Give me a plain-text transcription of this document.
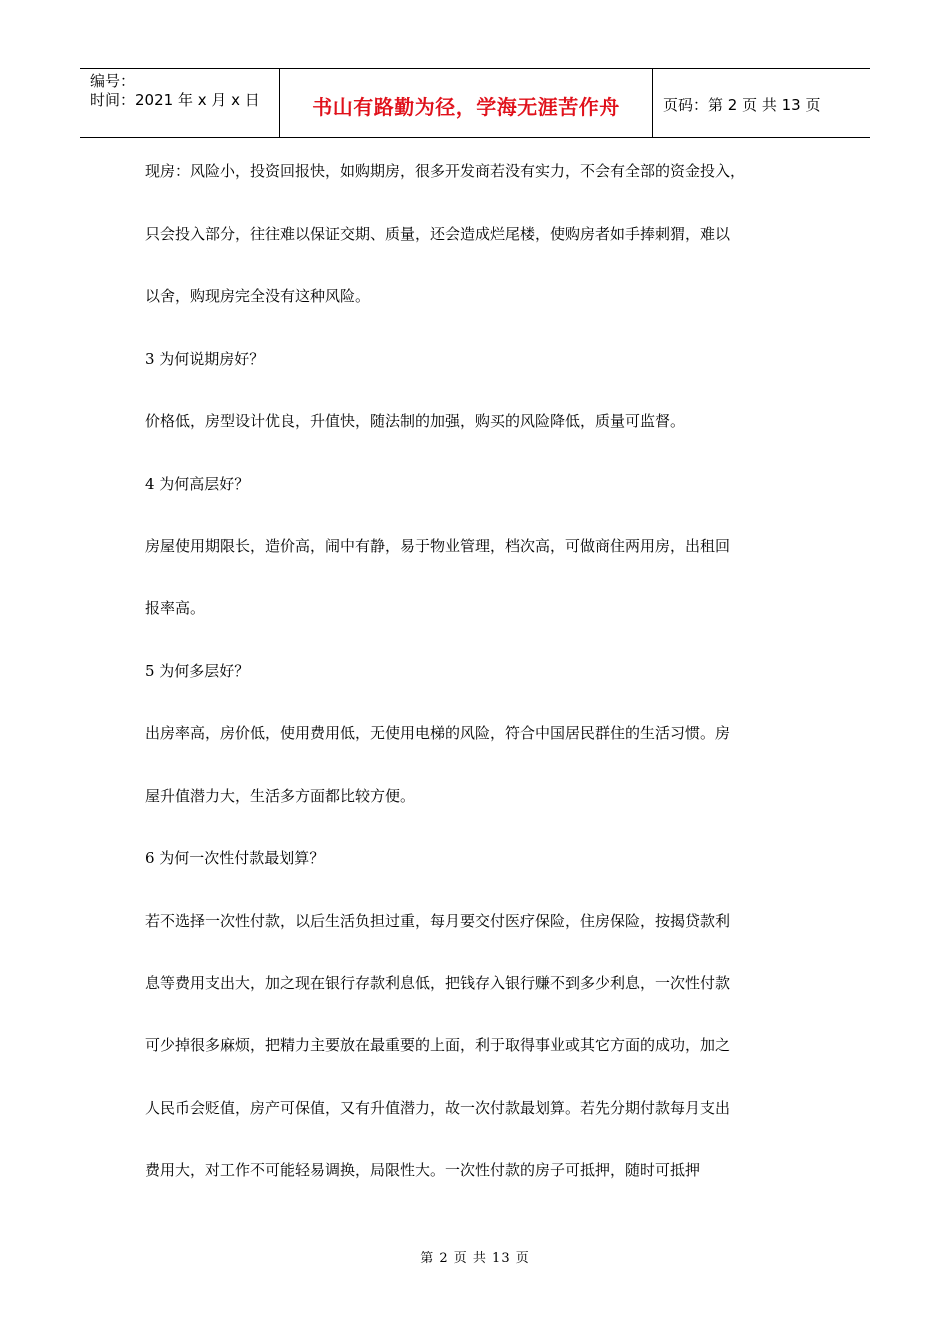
编号：
时间：2021 年 x 月 x 日	书山有路勤为径，学海无涯苦作舟	页码：第 2 页 共 13 页
现房：风险小，投资回报快，如购期房，很多开发商若没有实力，不会有全部的资金投入，
只会投入部分，往往难以保证交期、质量，还会造成烂尾楼，使购房者如手捧刺猬，难以
以舍，购现房完全没有这种风险。
3 为何说期房好？
价格低，房型设计优良，升值快，随法制的加强，购买的风险降低，质量可监督。
4 为何高层好？
房屋使用期限长，造价高，闹中有静，易于物业管理，档次高，可做商住两用房，出租回
报率高。
5 为何多层好？
出房率高，房价低，使用费用低，无使用电梯的风险，符合中国居民群住的生活习惯。房
屋升值潜力大，生活多方面都比较方便。
6 为何一次性付款最划算？
若不选择一次性付款，以后生活负担过重，每月要交付医疗保险，住房保险，按揭贷款利
息等费用支出大，加之现在银行存款利息低，把钱存入银行赚不到多少利息，一次性付款
可少掉很多麻烦，把精力主要放在最重要的上面，利于取得事业或其它方面的成功，加之
人民币会贬值，房产可保值，又有升值潜力，故一次付款最划算。若先分期付款每月支出
费用大，对工作不可能轻易调换，局限性大。一次性付款的房子可抵押，随时可抵押
第 2 页 共 13 页
